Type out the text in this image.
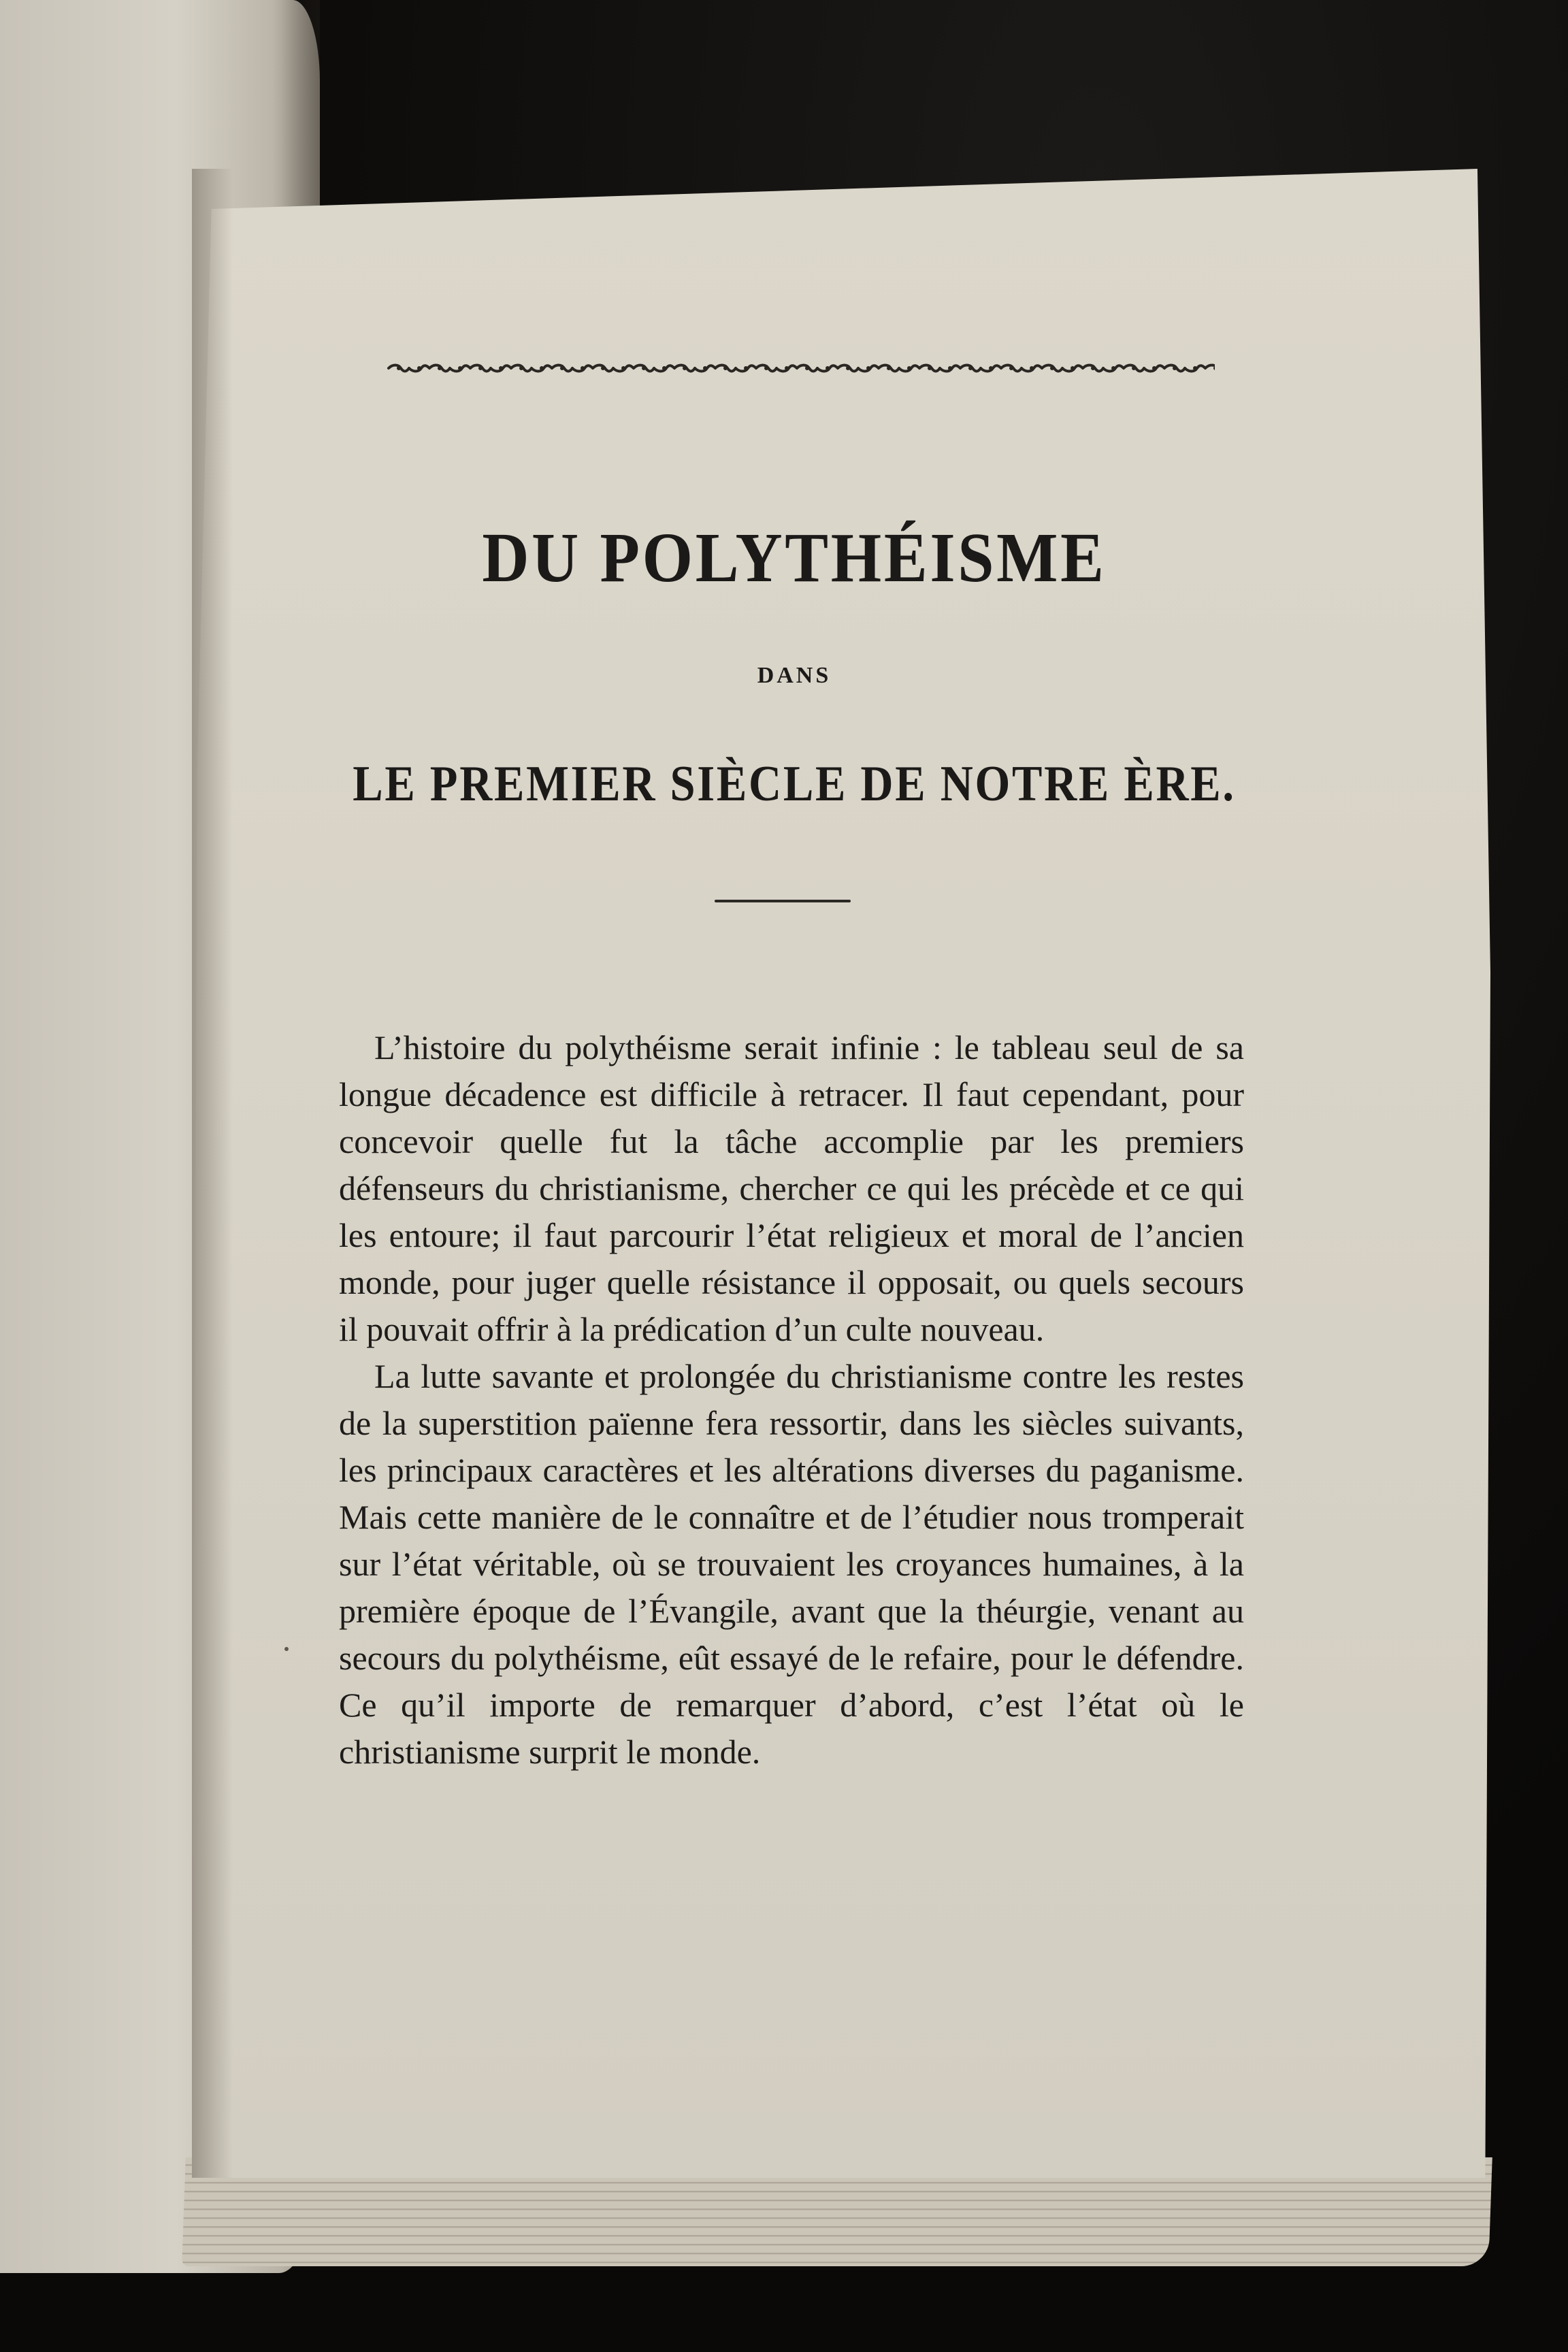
DU POLYTHÉISME
DANS
LE PREMIER SIÈCLE DE NOTRE ÈRE.

L’histoire du polythéisme serait infinie : le tableau seul de sa longue décadence est difficile à retracer. Il faut cependant, pour concevoir quelle fut la tâche accomplie par les premiers défenseurs du christianisme, chercher ce qui les précède et ce qui les entoure; il faut parcourir l’état religieux et moral de l’ancien monde, pour juger quelle résistance il opposait, ou quels secours il pouvait offrir à la prédication d’un culte nouveau.

La lutte savante et prolongée du christianisme contre les restes de la superstition païenne fera ressortir, dans les siècles suivants, les principaux caractères et les altérations diverses du paganisme. Mais cette manière de le connaître et de l’étudier nous tromperait sur l’état véritable, où se trouvaient les croyances humaines, à la première époque de l’Évangile, avant que la théurgie, venant au secours du polythéisme, eût essayé de le refaire, pour le défendre. Ce qu’il importe de remarquer d’abord, c’est l’état où le christianisme surprit le monde.
